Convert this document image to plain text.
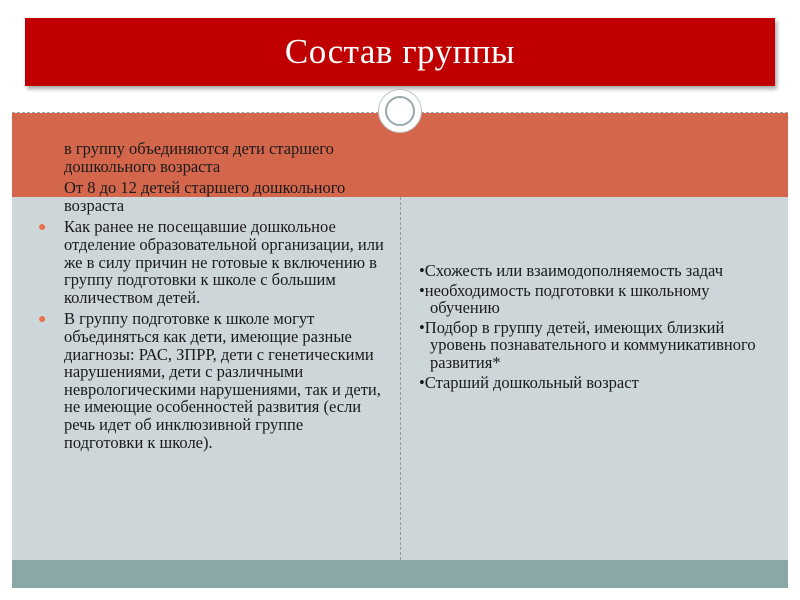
Состав группы
в группу объединяются дети старшего дошкольного возраста
От 8 до 12 детей старшего дошкольного возраста
● Как ранее не посещавшие дошкольное отделение образовательной организации, или же в силу причин не готовые к включению в группу подготовки к школе с большим количеством детей.
● В группу подготовке к школе могут объединяться как дети, имеющие разные диагнозы: РАС, ЗПРР, дети с генетическими нарушениями, дети с различными неврологическими нарушениями, так и дети, не имеющие особенностей развития (если речь идет об инклюзивной группе подготовки к школе).
•Схожесть или взаимодополняемость задач
•необходимость подготовки к школьному обучению
•Подбор в группу детей, имеющих близкий уровень познавательного и коммуникативного развития*
•Старший дошкольный возраст
